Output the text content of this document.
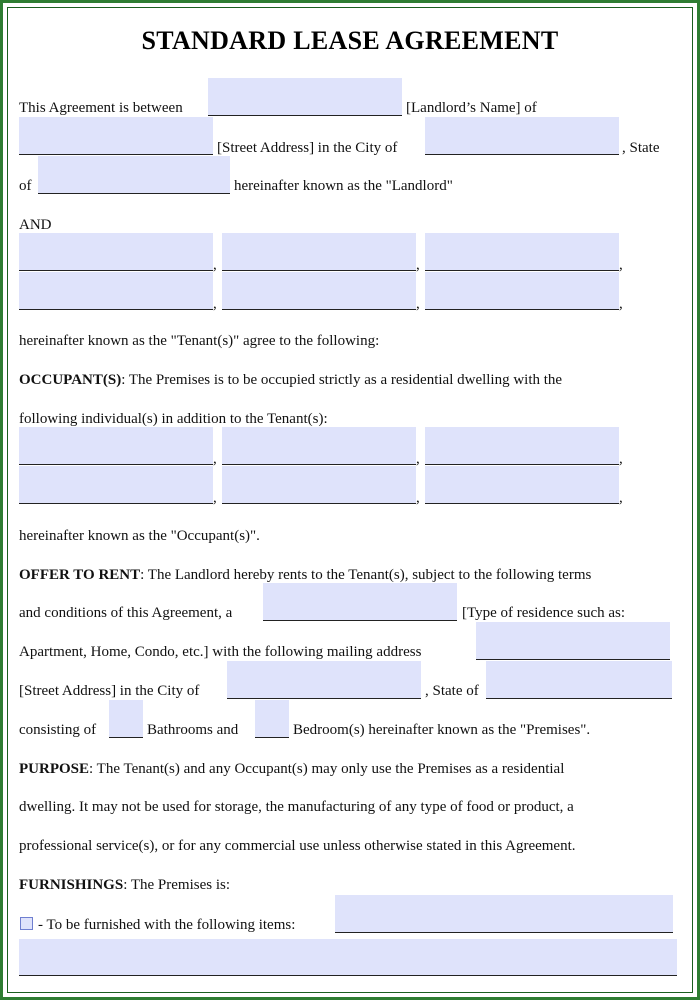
STANDARD LEASE AGREEMENT
This Agreement is between	[Landlord’s Name] of
[Street Address] in the City of	, State
of	hereinafter known as the "Landlord"
AND
,	,	,
,	,	,
hereinafter known as the "Tenant(s)" agree to the following:
OCCUPANT(S): The Premises is to be occupied strictly as a residential dwelling with the
following individual(s) in addition to the Tenant(s):
,	,	,
,	,	,
hereinafter known as the "Occupant(s)".
OFFER TO RENT: The Landlord hereby rents to the Tenant(s), subject to the following terms
and conditions of this Agreement, a	[Type of residence such as:
Apartment, Home, Condo, etc.] with the following mailing address
[Street Address] in the City of	, State of
consisting of	Bathrooms and	Bedroom(s) hereinafter known as the "Premises".
PURPOSE: The Tenant(s) and any Occupant(s) may only use the Premises as a residential
dwelling. It may not be used for storage, the manufacturing of any type of food or product, a
professional service(s), or for any commercial use unless otherwise stated in this Agreement.
FURNISHINGS: The Premises is:
- To be furnished with the following items:
